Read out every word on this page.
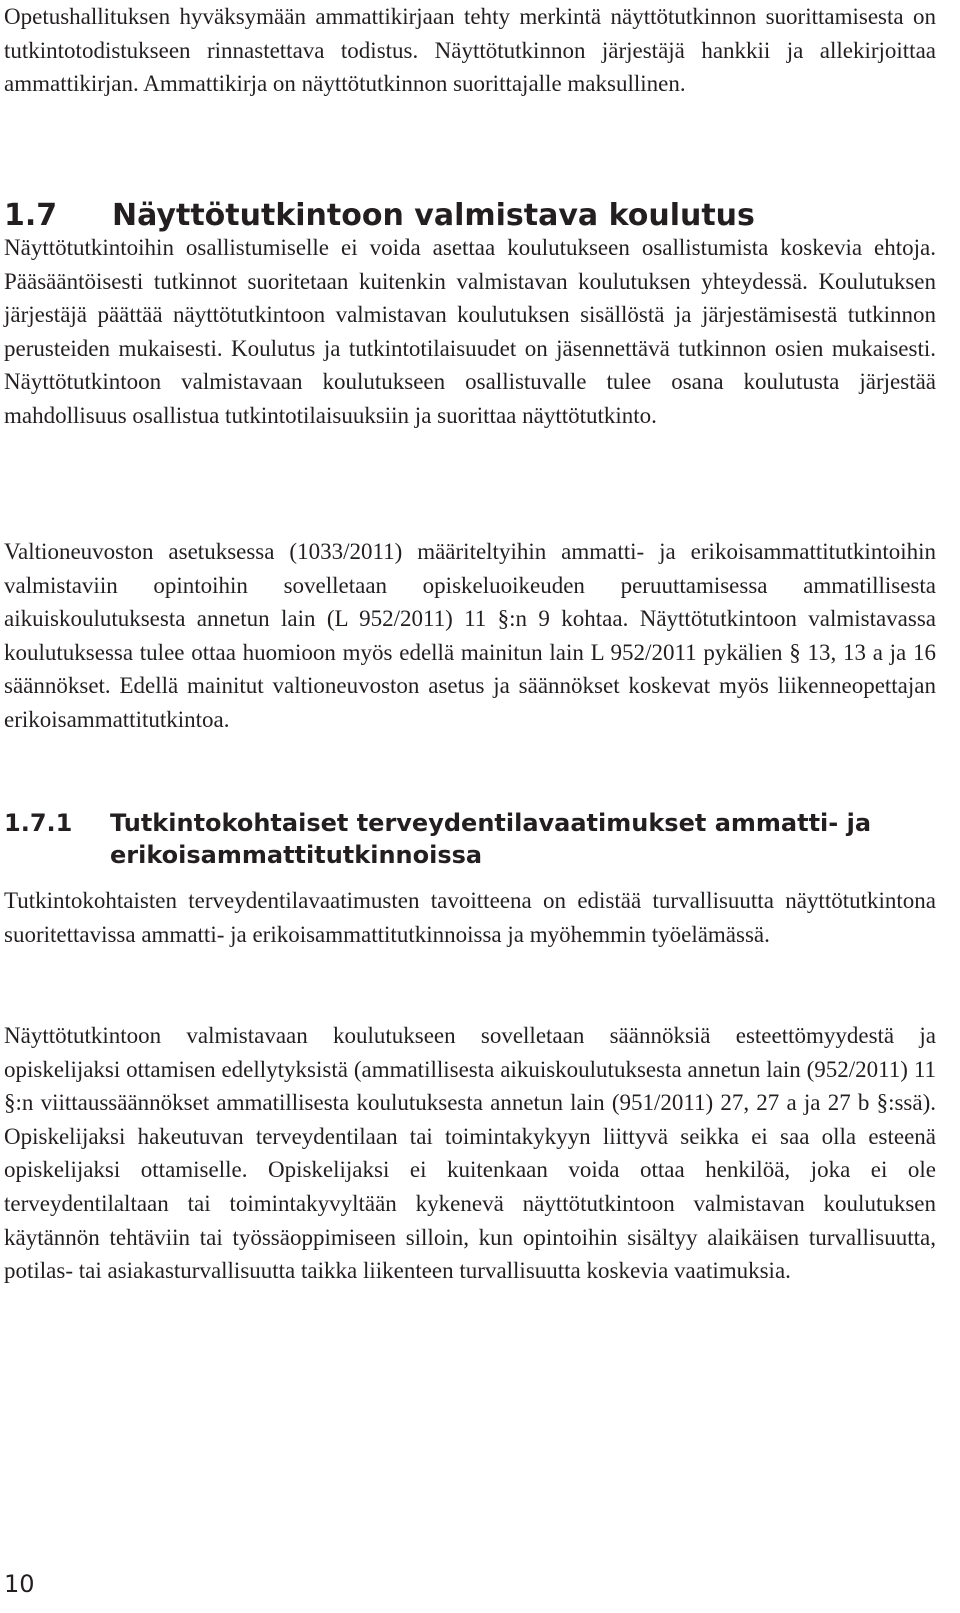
Opetushallituksen hyväksymään ammattikirjaan tehty merkintä näyttötutkinnon suorittamisesta on tutkintotodistukseen rinnastettava todistus. Näyttötutkinnon järjestäjä hankkii ja allekirjoittaa ammattikirjan. Ammattikirja on näyttötutkinnon suorittajalle maksullinen.

1.7 Näyttötutkintoon valmistava koulutus

Näyttötutkintoihin osallistumiselle ei voida asettaa koulutukseen osallistumista koskevia ehtoja. Pääsääntöisesti tutkinnot suoritetaan kuitenkin valmistavan koulutuksen yhteydessä. Koulutuksen järjestäjä päättää näyttötutkintoon valmistavan koulutuksen sisällöstä ja järjestämisestä tutkinnon perusteiden mukaisesti. Koulutus ja tutkintotilaisuudet on jäsennettävä tutkinnon osien mukaisesti. Näyttötutkintoon valmistavaan koulutukseen osallistuvalle tulee osana koulutusta järjestää mahdollisuus osallistua tutkintotilaisuuksiin ja suorittaa näyttötutkinto.

Valtioneuvoston asetuksessa (1033/2011) määriteltyihin ammatti- ja erikoisammattitutkintoihin valmistaviin opintoihin sovelletaan opiskeluoikeuden peruuttamisessa ammatillisesta aikuiskoulutuksesta annetun lain (L 952/2011) 11 §:n 9 kohtaa. Näyttötutkintoon valmistavassa koulutuksessa tulee ottaa huomioon myös edellä mainitun lain L 952/2011 pykälien § 13, 13 a ja 16 säännökset. Edellä mainitut valtioneuvoston asetus ja säännökset koskevat myös liikenneopettajan erikoisammattitutkintoa.

1.7.1 Tutkintokohtaiset terveydentilavaatimukset ammatti- ja erikoisammattitutkinnoissa

Tutkintokohtaisten terveydentilavaatimusten tavoitteena on edistää turvallisuutta näyttötutkintona suoritettavissa ammatti- ja erikoisammattitutkinnoissa ja myöhemmin työelämässä.

Näyttötutkintoon valmistavaan koulutukseen sovelletaan säännöksiä esteettömyydestä ja opiskelijaksi ottamisen edellytyksistä (ammatillisesta aikuiskoulutuksesta annetun lain (952/2011) 11 §:n viittaussäännökset ammatillisesta koulutuksesta annetun lain (951/2011) 27, 27 a ja 27 b §:ssä). Opiskelijaksi hakeutuvan terveydentilaan tai toimintakykyyn liittyvä seikka ei saa olla esteenä opiskelijaksi ottamiselle. Opiskelijaksi ei kuitenkaan voida ottaa henkilöä, joka ei ole terveydentilaltaan tai toimintakyvyltään kykenevä näyttötutkintoon valmistavan koulutuksen käytännön tehtäviin tai työssäoppimiseen silloin, kun opintoihin sisältyy alaikäisen turvallisuutta, potilas- tai asiakasturvallisuutta taikka liikenteen turvallisuutta koskevia vaatimuksia.

10
